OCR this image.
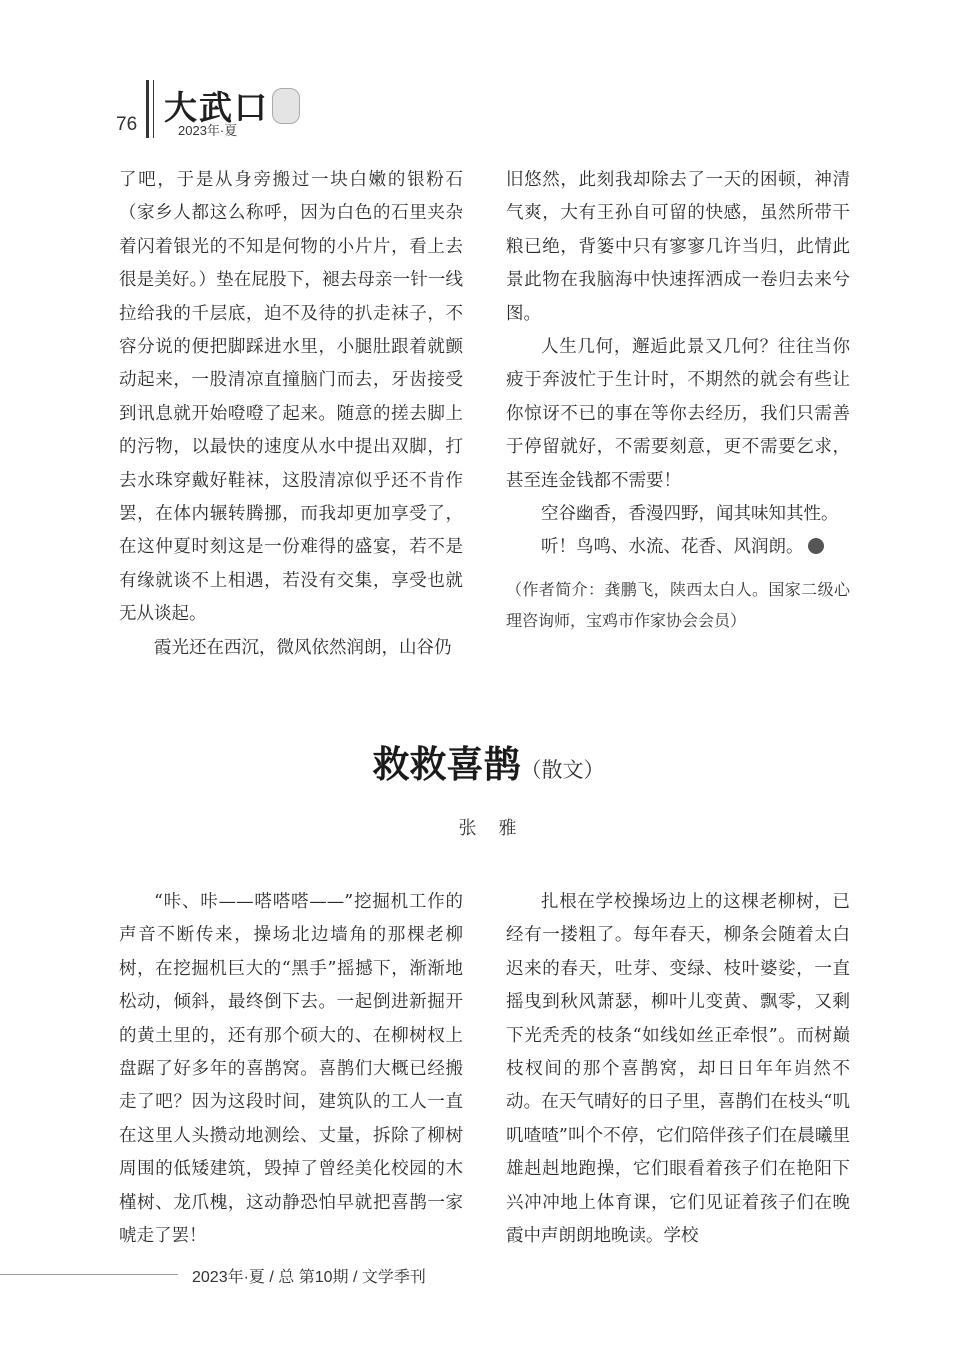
76 大武口
2023年·夏

了吧，于是从身旁搬过一块白嫩的银粉石（家乡人都这么称呼，因为白色的石里夹杂着闪着银光的不知是何物的小片片，看上去很是美好。）垫在屁股下，褪去母亲一针一线拉给我的千层底，迫不及待的扒走袜子，不容分说的便把脚踩进水里，小腿肚跟着就颤动起来，一股清凉直撞脑门而去，牙齿接受到讯息就开始噔噔了起来。随意的搓去脚上的污物，以最快的速度从水中提出双脚，打去水珠穿戴好鞋袜，这股清凉似乎还不肯作罢，在体内辗转腾挪，而我却更加享受了，在这仲夏时刻这是一份难得的盛宴，若不是有缘就谈不上相遇，若没有交集，享受也就无从谈起。

霞光还在西沉，微风依然润朗，山谷仍

旧悠然，此刻我却除去了一天的困顿，神清气爽，大有王孙自可留的快感，虽然所带干粮已绝，背篓中只有寥寥几许当归，此情此景此物在我脑海中快速挥洒成一卷归去来兮图。

人生几何，邂逅此景又几何？往往当你疲于奔波忙于生计时，不期然的就会有些让你惊讶不已的事在等你去经历，我们只需善于停留就好，不需要刻意，更不需要乞求，甚至连金钱都不需要！

空谷幽香，香漫四野，闻其味知其性。

听！鸟鸣、水流、花香、风润朗。

（作者简介：龚鹏飞，陕西太白人。国家二级心理咨询师，宝鸡市作家协会会员）

救救喜鹊（散文）
张　雅

“咔、咔——嗒嗒嗒——”挖掘机工作的声音不断传来，操场北边墙角的那棵老柳树，在挖掘机巨大的“黑手”摇撼下，渐渐地松动，倾斜，最终倒下去。一起倒进新掘开的黄土里的，还有那个硕大的、在柳树杈上盘踞了好多年的喜鹊窝。喜鹊们大概已经搬走了吧？因为这段时间，建筑队的工人一直在这里人头攒动地测绘、丈量，拆除了柳树周围的低矮建筑，毁掉了曾经美化校园的木槿树、龙爪槐，这动静恐怕早就把喜鹊一家唬走了罢！

扎根在学校操场边上的这棵老柳树，已经有一搂粗了。每年春天，柳条会随着太白迟来的春天，吐芽、变绿、枝叶婆娑，一直摇曳到秋风萧瑟，柳叶儿变黄、飘零，又剩下光秃秃的枝条“如线如丝正牵恨”。而树巅枝杈间的那个喜鹊窝，却日日年年岿然不动。在天气晴好的日子里，喜鹊们在枝头“叽叽喳喳”叫个不停，它们陪伴孩子们在晨曦里雄赳赳地跑操，它们眼看着孩子们在艳阳下兴冲冲地上体育课，它们见证着孩子们在晚霞中声朗朗地晚读。学校

2023年·夏 / 总 第10期 / 文学季刊
